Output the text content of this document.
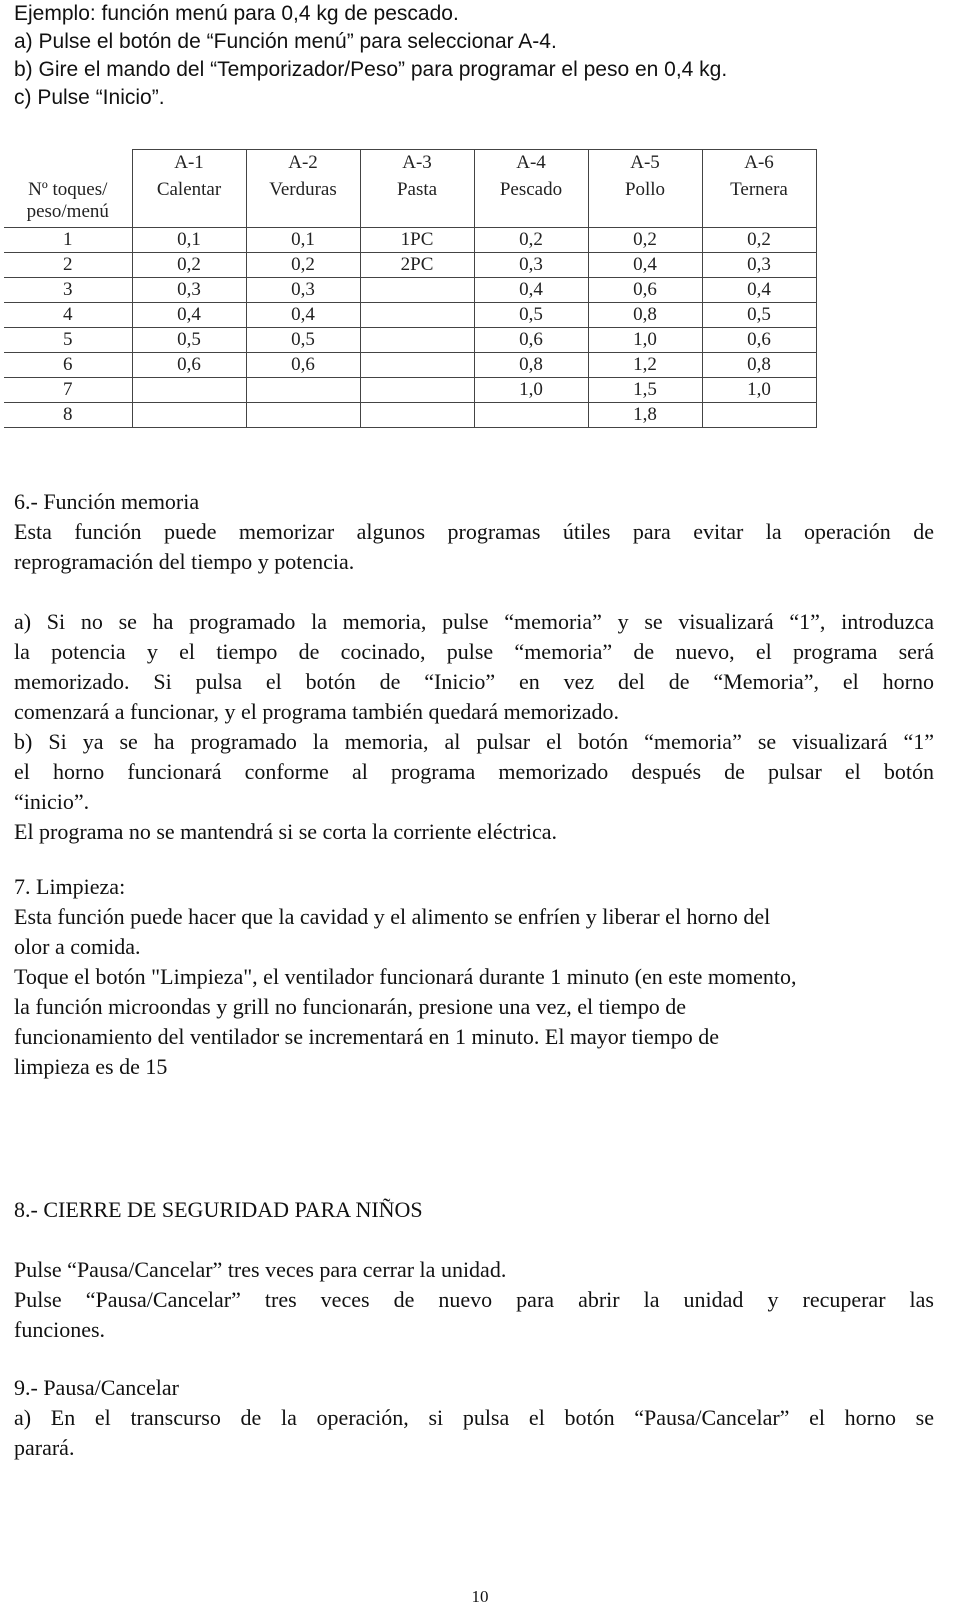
Ejemplo: función menú para 0,4 kg de pescado.
a) Pulse el botón de “Función menú” para seleccionar A-4.
b) Gire el mando del “Temporizador/Peso” para programar el peso en 0,4 kg.
c) Pulse “Inicio”.
	A-1	A-2	A-3	A-4	A-5	A-6

Nº toques/
peso/menú	Calentar	Verduras	Pasta	Pescado	Pollo	Ternera
1	0,1	0,1	1PC	0,2	0,2	0,2
2	0,2	0,2	2PC	0,3	0,4	0,3
3	0,3	0,3		0,4	0,6	0,4
4	0,4	0,4		0,5	0,8	0,5
5	0,5	0,5		0,6	1,0	0,6
6	0,6	0,6		0,8	1,2	0,8
7				1,0	1,5	1,0
8					1,8	
6.- Función memoria
Esta función puede memorizar algunos programas útiles para evitar la operación de
reprogramación del tiempo y potencia.
a) Si no se ha programado la memoria, pulse “memoria” y se visualizará “1”, introduzca
la potencia y el tiempo de cocinado, pulse “memoria” de nuevo, el programa será
memorizado. Si pulsa el botón de “Inicio” en vez del de “Memoria”, el horno
comenzará a funcionar, y el programa también quedará memorizado.
b) Si ya se ha programado la memoria, al pulsar el botón “memoria” se visualizará “1”
el horno funcionará conforme al programa memorizado después de pulsar el botón
“inicio”.
El programa no se mantendrá si se corta la corriente eléctrica.
7. Limpieza:
Esta función puede hacer que la cavidad y el alimento se enfríen y liberar el horno del
olor a comida.
Toque el botón "Limpieza", el ventilador funcionará durante 1 minuto (en este momento,
la función microondas y grill no funcionarán, presione una vez, el tiempo de
funcionamiento del ventilador se incrementará en 1 minuto. El mayor tiempo de
limpieza es de 15
8.- CIERRE DE SEGURIDAD PARA NIÑOS
Pulse “Pausa/Cancelar” tres veces para cerrar la unidad.
Pulse “Pausa/Cancelar” tres veces de nuevo para abrir la unidad y recuperar las
funciones.
9.- Pausa/Cancelar
a) En el transcurso de la operación, si pulsa el botón “Pausa/Cancelar” el horno se
parará.
10
